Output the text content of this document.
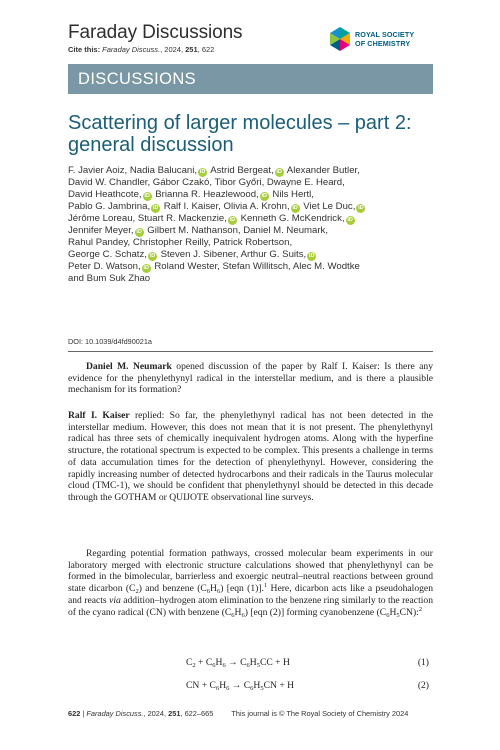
Faraday Discussions
Cite this: Faraday Discuss., 2024, 251, 622
ROYAL SOCIETY
OF CHEMISTRY
DISCUSSIONS
Scattering of larger molecules – part 2: general discussion
F. Javier Aoiz, Nadia Balucani, iD Astrid Bergeat, iD Alexander Butler,
David W. Chandler, Gábor Czakó, Tibor Győri, Dwayne E. Heard,
David Heathcote, iD Brianna R. Heazlewood, iD Nils Hertl,
Pablo G. Jambrina, iD Ralf I. Kaiser, Olivia A. Krohn, iD Viet Le Duc, iD
Jérôme Loreau, Stuart R. Mackenzie, iD Kenneth G. McKendrick, iD
Jennifer Meyer, iD Gilbert M. Nathanson, Daniel M. Neumark,
Rahul Pandey, Christopher Reilly, Patrick Robertson,
George C. Schatz, iD Steven J. Sibener, Arthur G. Suits, iD
Peter D. Watson, iD Roland Wester, Stefan Willitsch, Alec M. Wodtke
and Bum Suk Zhao
DOI: 10.1039/d4fd90021a

Daniel M. Neumark opened discussion of the paper by Ralf I. Kaiser: Is there any evidence for the phenylethynyl radical in the interstellar medium, and is there a plausible mechanism for its formation?

Ralf I. Kaiser replied: So far, the phenylethynyl radical has not been detected in the interstellar medium. However, this does not mean that it is not present. The phenylethynyl radical has three sets of chemically inequivalent hydrogen atoms. Along with the hyperfine structure, the rotational spectrum is expected to be complex. This presents a challenge in terms of data accumulation times for the detection of phenylethynyl. However, considering the rapidly increasing number of detected hydrocarbons and their radicals in the Taurus molecular cloud (TMC-1), we should be confident that phenylethynyl should be detected in this decade through the GOTHAM or QUIJOTE observational line surveys.

Regarding potential formation pathways, crossed molecular beam experiments in our laboratory merged with electronic structure calculations showed that phenylethynyl can be formed in the bimolecular, barrierless and exoergic neutral–neutral reactions between ground state dicarbon $(C_2)$ and benzene $(C_6H_6)$ [eqn (1)].$^1$ Here, dicarbon acts like a pseudohalogen and reacts via addition–hydrogen atom elimination to the benzene ring similarly to the reaction of the cyano radical (CN) with benzene $(C_6H_6)$ [eqn (2)] forming cyanobenzene $(C_6H_5CN):^2$

$C_2 + C_6H_6 \to C_6H_5CC + H$	(1)
CN + $C_6H_6 \to C_6H_5CN + H$	(2)
622 | Faraday Discuss., 2024, 251, 622–665 This journal is © The Royal Society of Chemistry 2024
